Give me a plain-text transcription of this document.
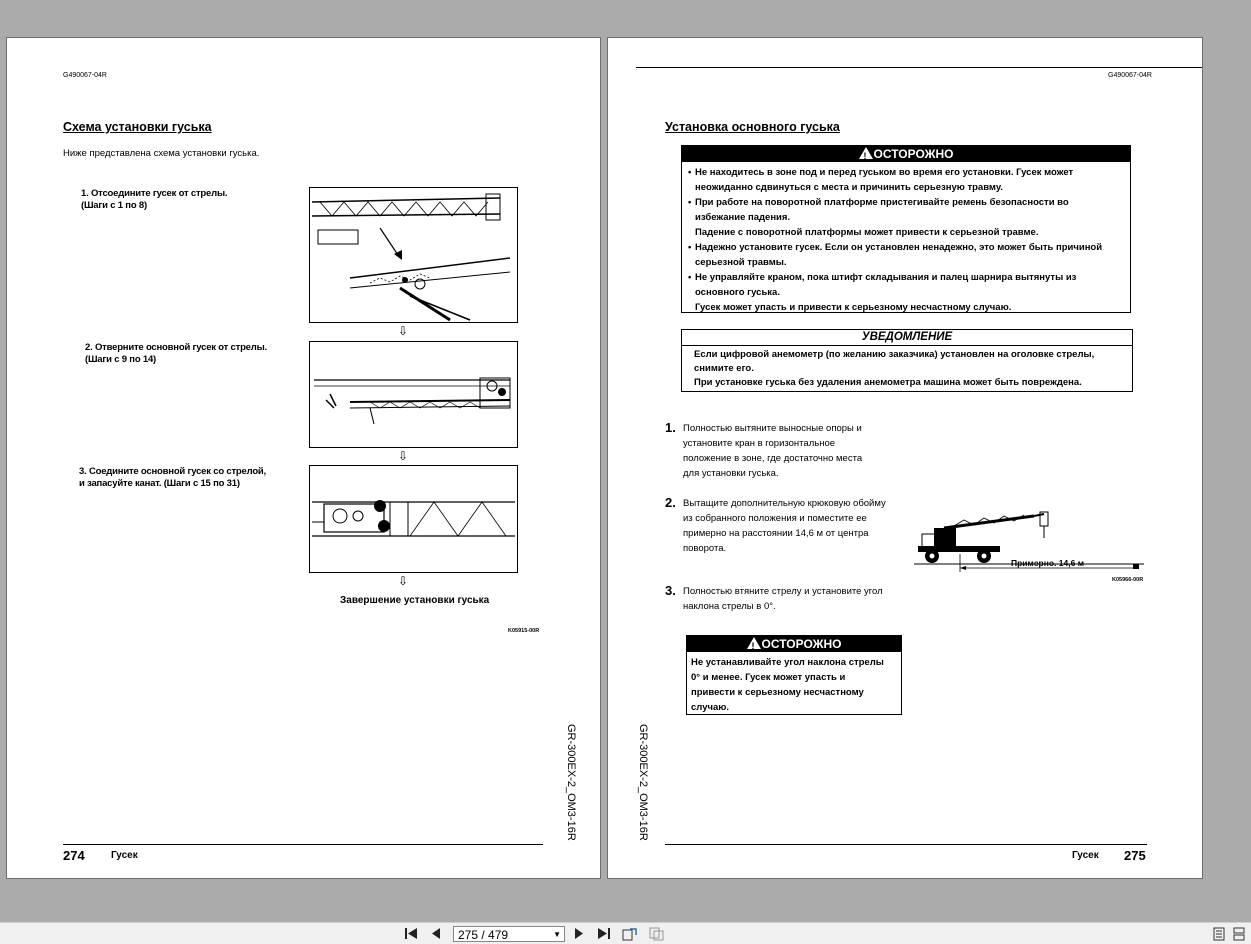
G490067-04R
Схема установки гуська
Ниже представлена схема установки гуська.
1. Отсоедините гусек от стрелы.
(Шаги с 1 по 8)
⇩
2. Отверните основной гусек от стрелы.
(Шаги с 9 по 14)
⇩
3. Соедините основной гусек со стрелой,
и запасуйте канат. (Шаги с 15 по 31)
⇩
Завершение установки гуська
K05915-00R
GR-300EX-2_OM3-16R
274	Гусек
G490067-04R
Установка основного гуська
!ОСТОРОЖНО
• Не находитесь в зоне под и перед гуськом во время его установки. Гусек может
неожиданно сдвинуться с места и причинить серьезную травму.
• При работе на поворотной платформе пристегивайте ремень безопасности во
избежание падения.
Падение с поворотной платформы может привести к серьезной травме.
• Надежно установите гусек. Если он установлен ненадежно, это может быть причиной
серьезной травмы.
• Не управляйте краном, пока штифт складывания и палец шарнира вытянуты из
основного гуська.
Гусек может упасть и привести к серьезному несчастному случаю.
УВЕДОМЛЕНИЕ
Если цифровой анемометр (по желанию заказчика) установлен на оголовке стрелы,
снимите его.
При установке гуська без удаления анемометра машина может быть повреждена.
1. Полностью вытяните выносные опоры и
установите кран в горизонтальное
положение в зоне, где достаточно места
для установки гуська.
2. Вытащите дополнительную крюковую обойму
из собранного положения и поместите ее
примерно на расстоянии 14,6 м от центра
поворота.
Примерно. 14,6 м
K05966-00R
3. Полностью втяните стрелу и установите угол
наклона стрелы в 0°.
!ОСТОРОЖНО
Не устанавливайте угол наклона стрелы
0° и менее. Гусек может упасть и
привести к серьезному несчастному
случаю.
GR-300EX-2_OM3-16R
Гусек 275
275 / 479	▼
